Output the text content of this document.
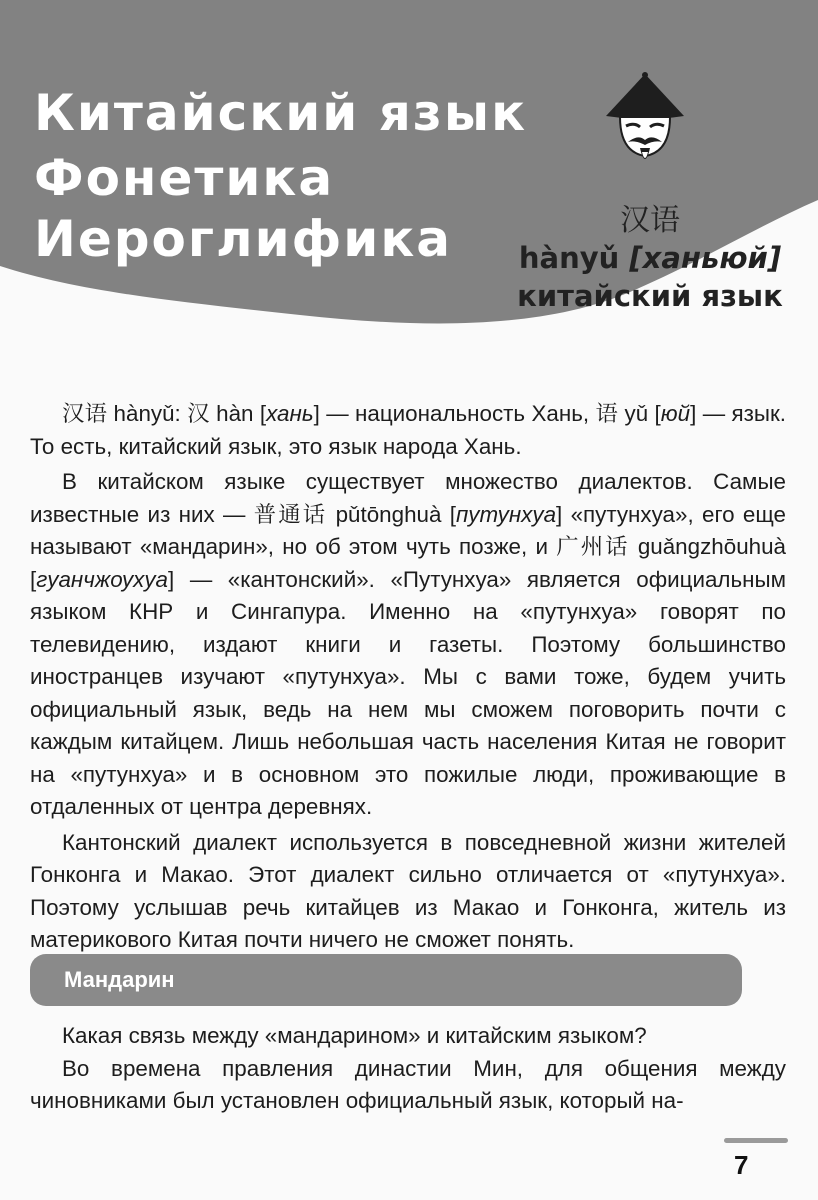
Китайский язык
Фонетика
Иероглифика	汉语
hànyǔ [ханьюй]
китайский язык

汉语 hànyǔ: 汉 hàn [хань] — национальность Хань, 语 yǔ [юй] — язык. То есть, китайский язык, это язык народа Хань.

В китайском языке существует множество диалектов. Самые известные из них — 普通话 pǔtōnghuà [путунхуа] «путунхуа», его еще называют «мандарин», но об этом чуть позже, и 广州话 guǎngzhōuhuà [гуанчжоухуа] — «кантонский». «Путунхуа» является официальным языком КНР и Сингапура. Именно на «путунхуа» говорят по телевидению, издают книги и газеты. Поэтому большинство иностранцев изучают «путунхуа». Мы с вами тоже, будем учить официальный язык, ведь на нем мы сможем поговорить почти с каждым китайцем. Лишь небольшая часть населения Китая не говорит на «путунхуа» и в основном это пожилые люди, проживающие в отдаленных от центра деревнях.

Кантонский диалект используется в повседневной жизни жителей Гонконга и Макао. Этот диалект сильно отличается от «путунхуа». Поэтому услышав речь китайцев из Макао и Гонконга, житель из материкового Китая почти ничего не сможет понять.

Мандарин

Какая связь между «мандарином» и китайским языком?

Во времена правления династии Мин, для общения между чиновниками был установлен официальный язык, который на-

7
